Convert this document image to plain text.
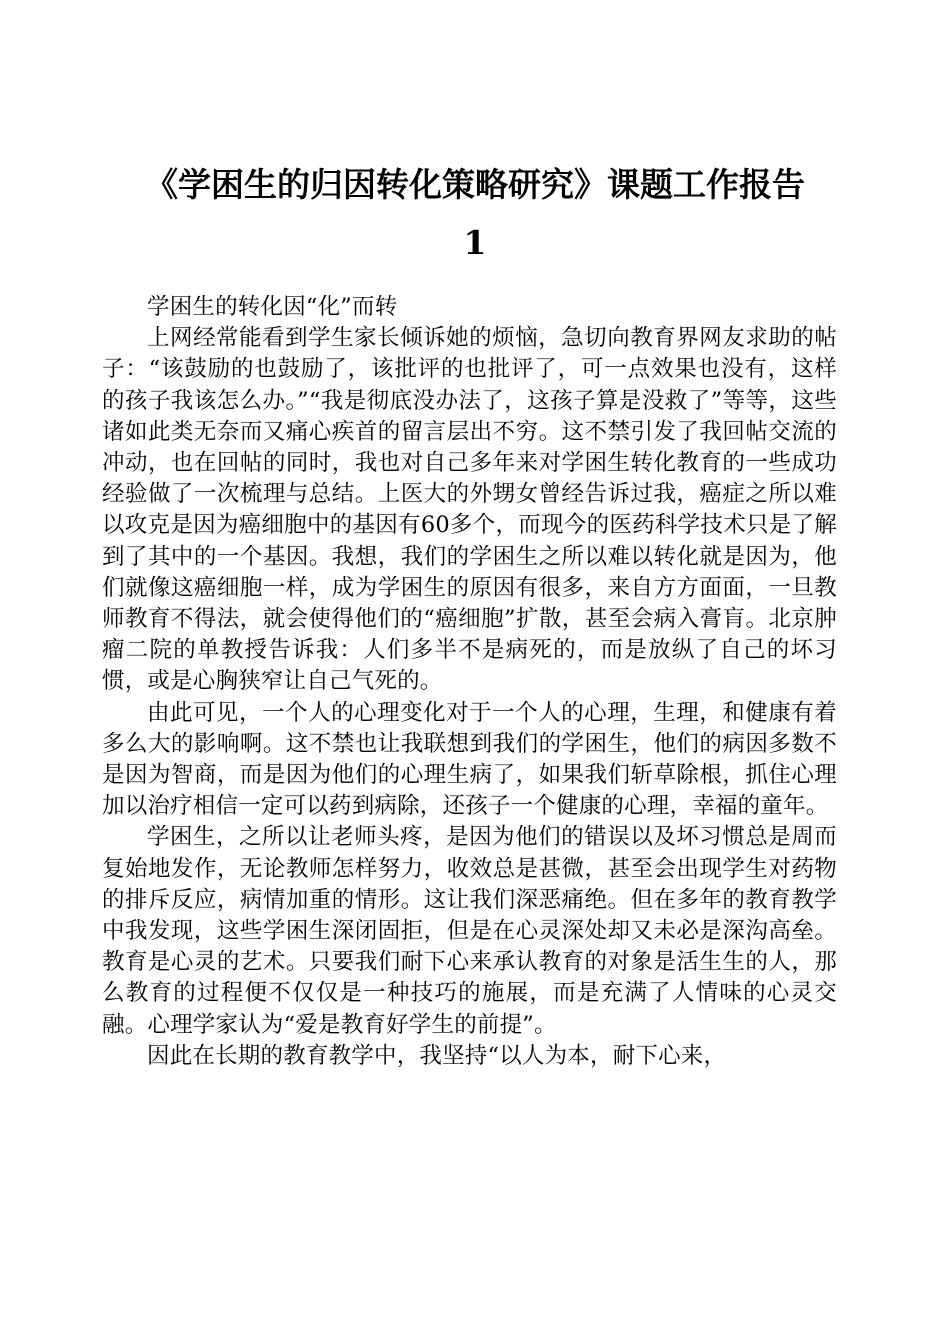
《学困生的归因转化策略研究》课题工作报告
1

学困生的转化因“化”而转

上网经常能看到学生家长倾诉她的烦恼，急切向教育界网友求助的帖子：“该鼓励的也鼓励了，该批评的也批评了，可一点效果也没有，这样的孩子我该怎么办。”“我是彻底没办法了，这孩子算是没救了”等等，这些诸如此类无奈而又痛心疾首的留言层出不穷。这不禁引发了我回帖交流的冲动，也在回帖的同时，我也对自己多年来对学困生转化教育的一些成功经验做了一次梳理与总结。上医大的外甥女曾经告诉过我，癌症之所以难以攻克是因为癌细胞中的基因有60多个，而现今的医药科学技术只是了解到了其中的一个基因。我想，我们的学困生之所以难以转化就是因为，他们就像这癌细胞一样，成为学困生的原因有很多，来自方方面面，一旦教师教育不得法，就会使得他们的“癌细胞”扩散，甚至会病入膏肓。北京肿瘤二院的单教授告诉我：人们多半不是病死的，而是放纵了自己的坏习惯，或是心胸狭窄让自己气死的。

由此可见，一个人的心理变化对于一个人的心理，生理，和健康有着多么大的影响啊。这不禁也让我联想到我们的学困生，他们的病因多数不是因为智商，而是因为他们的心理生病了，如果我们斩草除根，抓住心理加以治疗相信一定可以药到病除，还孩子一个健康的心理，幸福的童年。

学困生，之所以让老师头疼，是因为他们的错误以及坏习惯总是周而复始地发作，无论教师怎样努力，收效总是甚微，甚至会出现学生对药物的排斥反应，病情加重的情形。这让我们深恶痛绝。但在多年的教育教学中我发现，这些学困生深闭固拒，但是在心灵深处却又未必是深沟高垒。教育是心灵的艺术。只要我们耐下心来承认教育的对象是活生生的人，那么教育的过程便不仅仅是一种技巧的施展，而是充满了人情味的心灵交融。心理学家认为“爱是教育好学生的前提”。

因此在长期的教育教学中，我坚持“以人为本，耐下心来，
